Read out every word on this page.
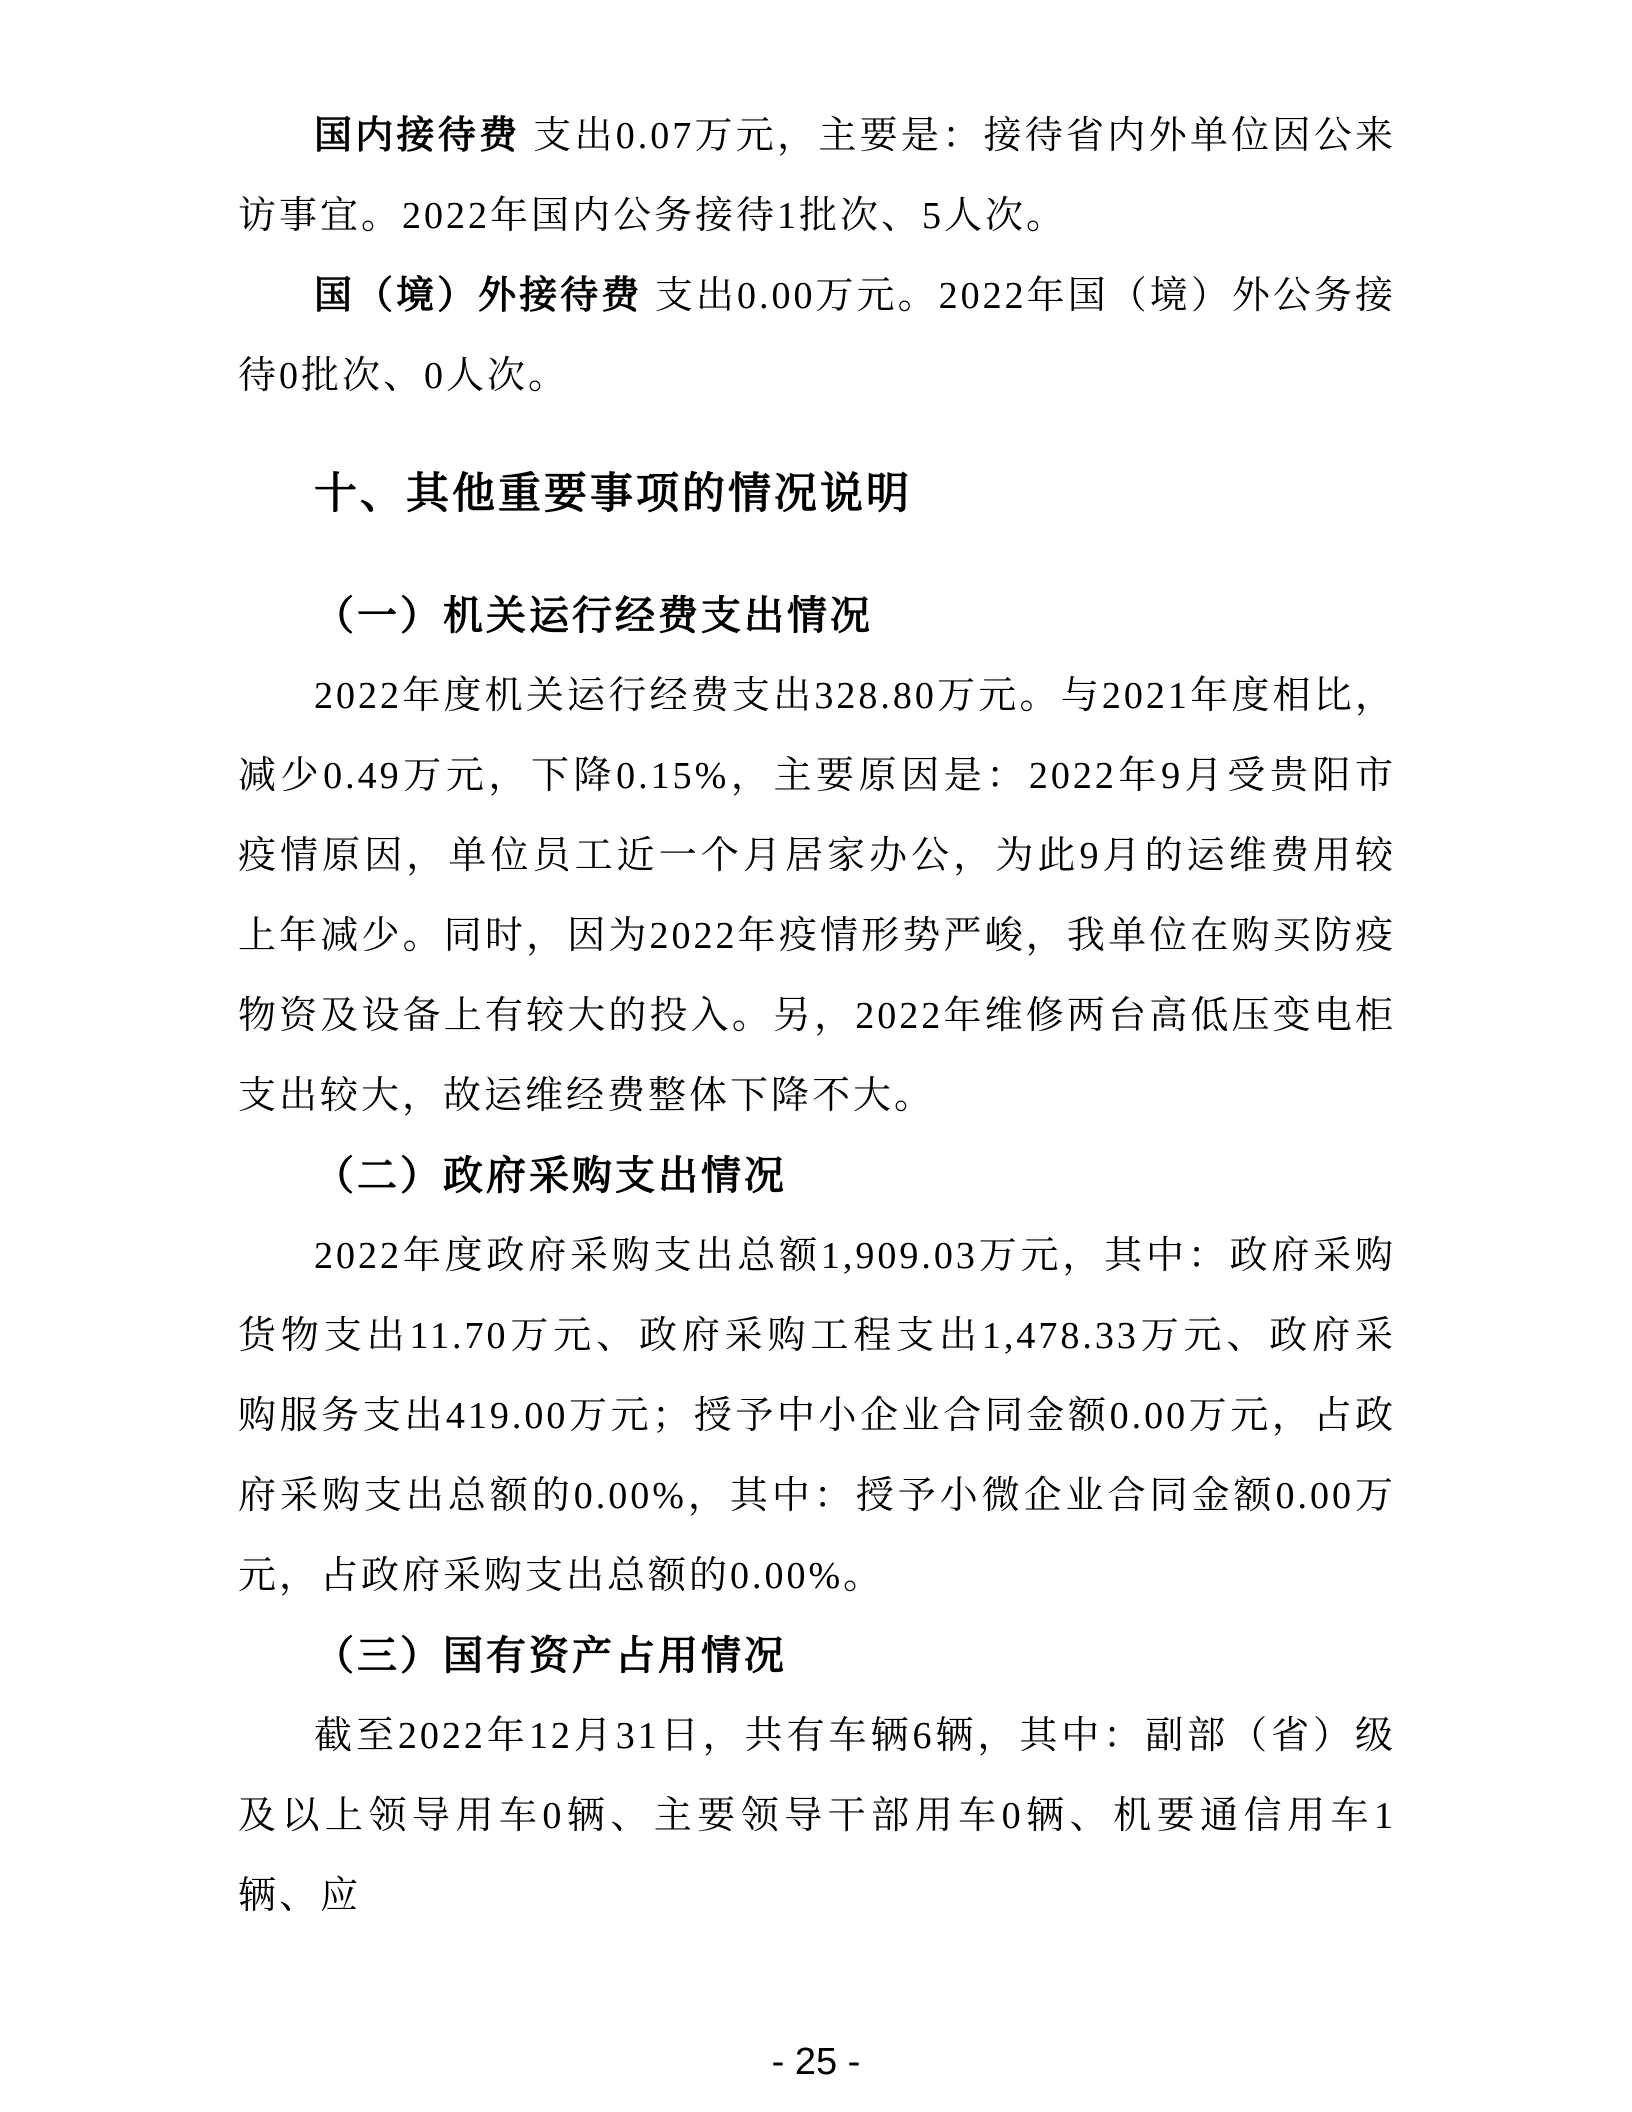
国内接待费 支出0.07万元，主要是：接待省内外单位因公来访事宜。2022年国内公务接待1批次、5人次。

国（境）外接待费 支出0.00万元。2022年国（境）外公务接待0批次、0人次。

十、其他重要事项的情况说明
（一）机关运行经费支出情况

2022年度机关运行经费支出328.80万元。与2021年度相比，减少0.49万元，下降0.15%，主要原因是：2022年9月受贵阳市疫情原因，单位员工近一个月居家办公，为此9月的运维费用较上年减少。同时，因为2022年疫情形势严峻，我单位在购买防疫物资及设备上有较大的投入。另，2022年维修两台高低压变电柜支出较大，故运维经费整体下降不大。

（二）政府采购支出情况

2022年度政府采购支出总额1,909.03万元，其中：政府采购货物支出11.70万元、政府采购工程支出1,478.33万元、政府采购服务支出419.00万元；授予中小企业合同金额0.00万元，占政府采购支出总额的0.00%，其中：授予小微企业合同金额0.00万元，占政府采购支出总额的0.00%。

（三）国有资产占用情况

截至2022年12月31日，共有车辆6辆，其中：副部（省）级及以上领导用车0辆、主要领导干部用车0辆、机要通信用车1辆、应

- 25 -
